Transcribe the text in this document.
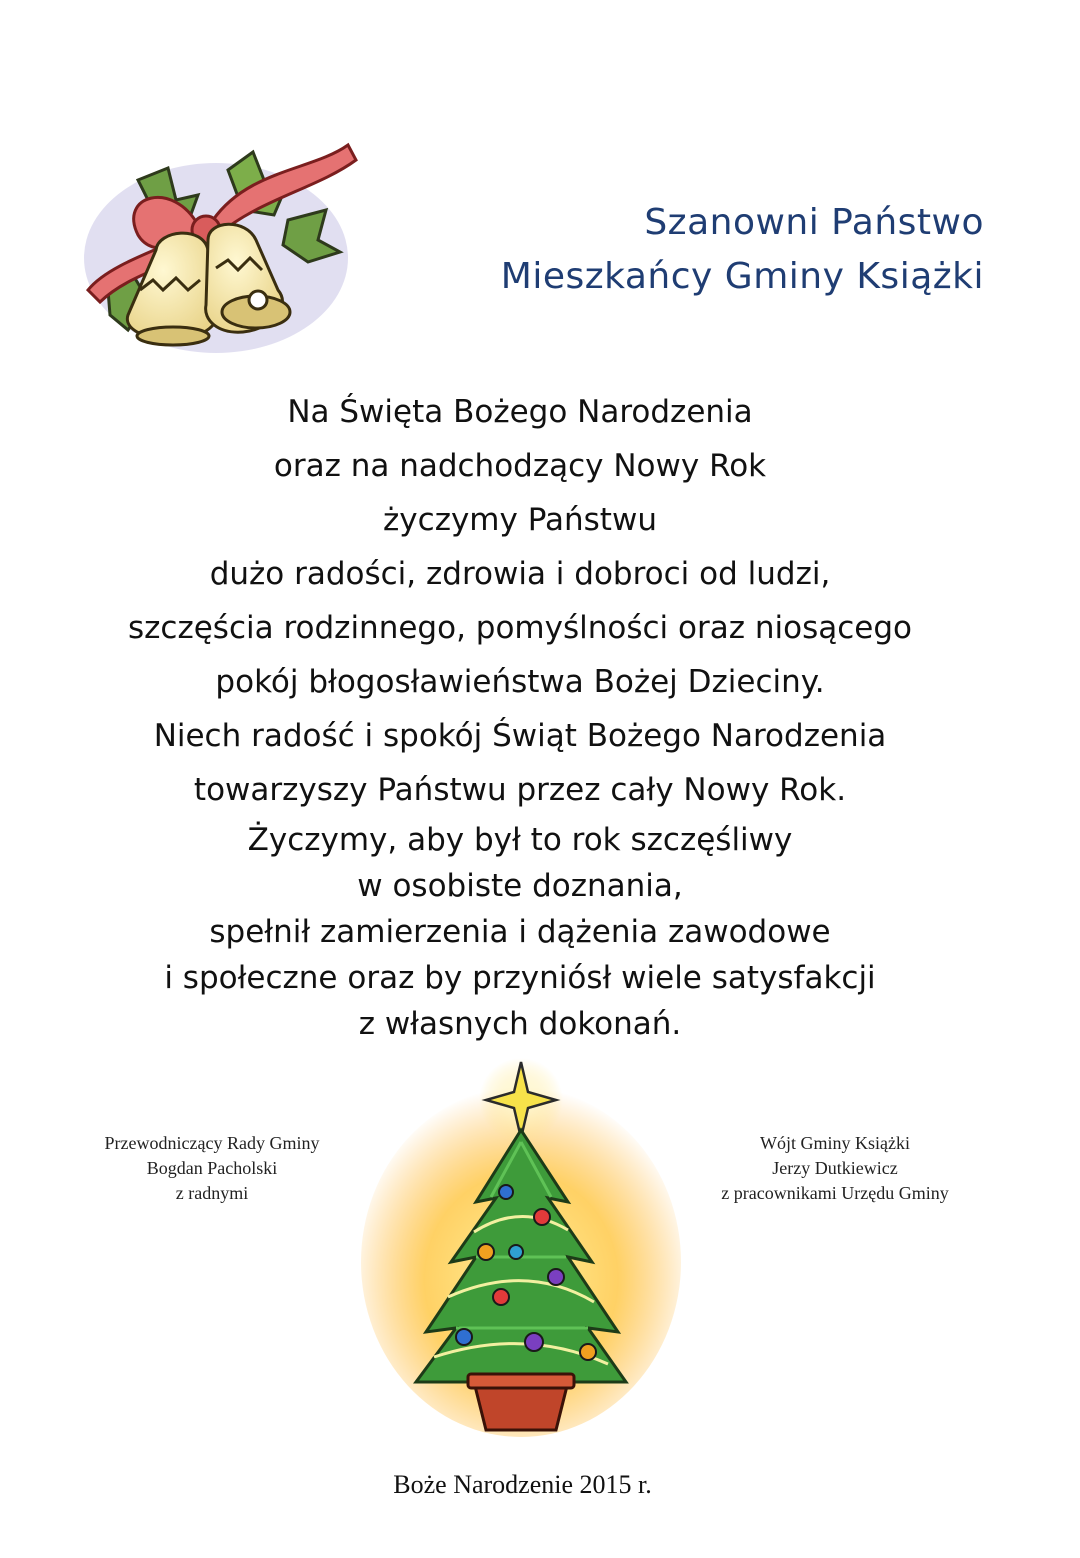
Szanowni Państwo
Mieszkańcy Gminy Książki
Na Święta Bożego Narodzenia
oraz na nadchodzący Nowy Rok
życzymy Państwu
dużo radości, zdrowia i dobroci od ludzi,
szczęścia rodzinnego, pomyślności oraz niosącego
pokój błogosławieństwa Bożej Dzieciny.
Niech radość i spokój Świąt Bożego Narodzenia
towarzyszy Państwu przez cały Nowy Rok.
Życzymy, aby był to rok szczęśliwy
w osobiste doznania,
spełnił zamierzenia i dążenia zawodowe
i społeczne oraz by przyniósł wiele satysfakcji
z własnych dokonań.
Przewodniczący Rady Gminy
Bogdan Pacholski
z radnymi
Wójt Gminy Książki
Jerzy Dutkiewicz
z pracownikami Urzędu Gminy
Boże Narodzenie 2015 r.
